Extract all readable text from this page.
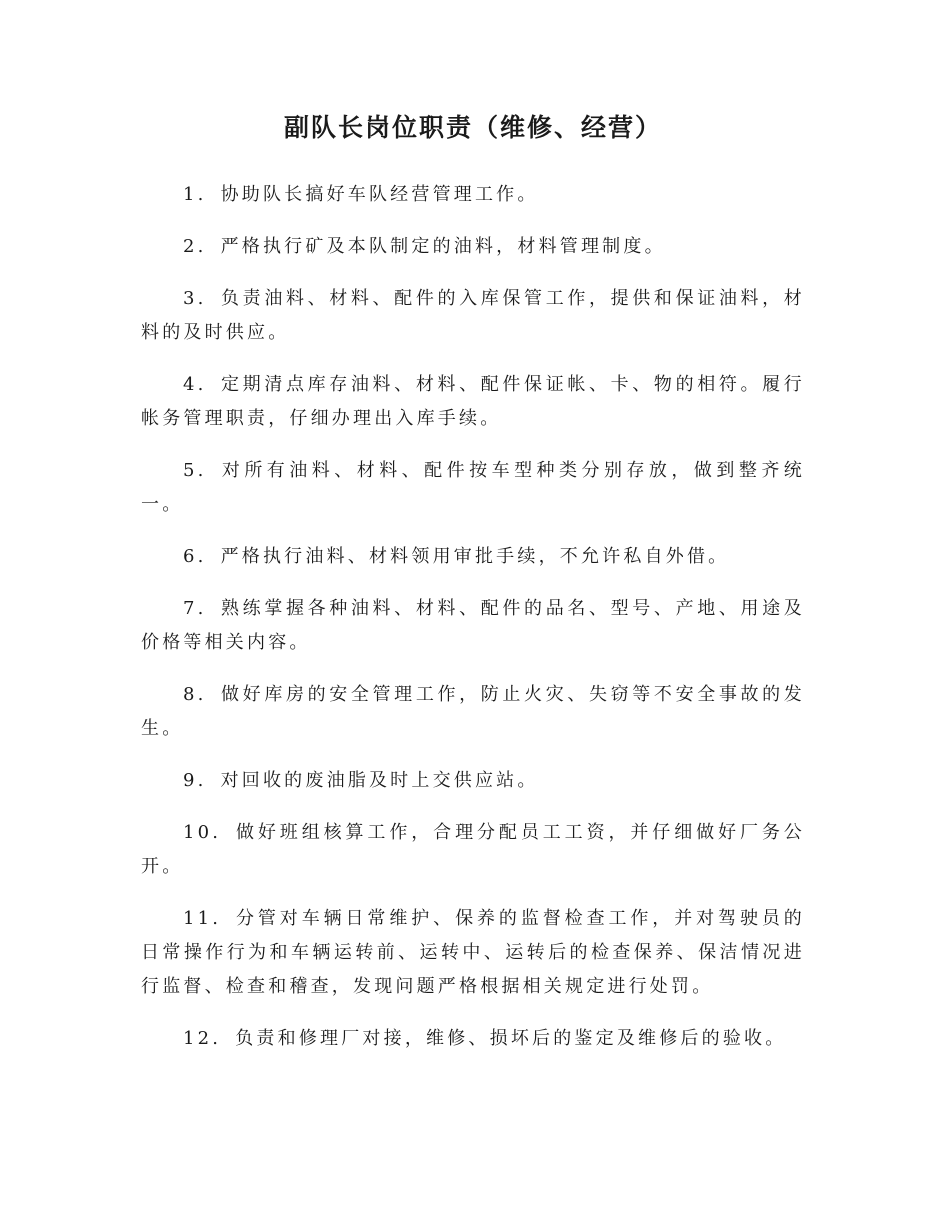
副队长岗位职责（维修、经营）
1. 协助队长搞好车队经营管理工作。
2. 严格执行矿及本队制定的油料，材料管理制度。
3. 负责油料、材料、配件的入库保管工作，提供和保证油料，材料的及时供应。
4. 定期清点库存油料、材料、配件保证帐、卡、物的相符。履行帐务管理职责，仔细办理出入库手续。
5. 对所有油料、材料、配件按车型种类分别存放，做到整齐统一。
6. 严格执行油料、材料领用审批手续，不允许私自外借。
7. 熟练掌握各种油料、材料、配件的品名、型号、产地、用途及价格等相关内容。
8. 做好库房的安全管理工作，防止火灾、失窃等不安全事故的发生。
9. 对回收的废油脂及时上交供应站。
10. 做好班组核算工作，合理分配员工工资，并仔细做好厂务公开。
11. 分管对车辆日常维护、保养的监督检查工作，并对驾驶员的日常操作行为和车辆运转前、运转中、运转后的检查保养、保洁情况进行监督、检查和稽查，发现问题严格根据相关规定进行处罚。
12. 负责和修理厂对接，维修、损坏后的鉴定及维修后的验收。
